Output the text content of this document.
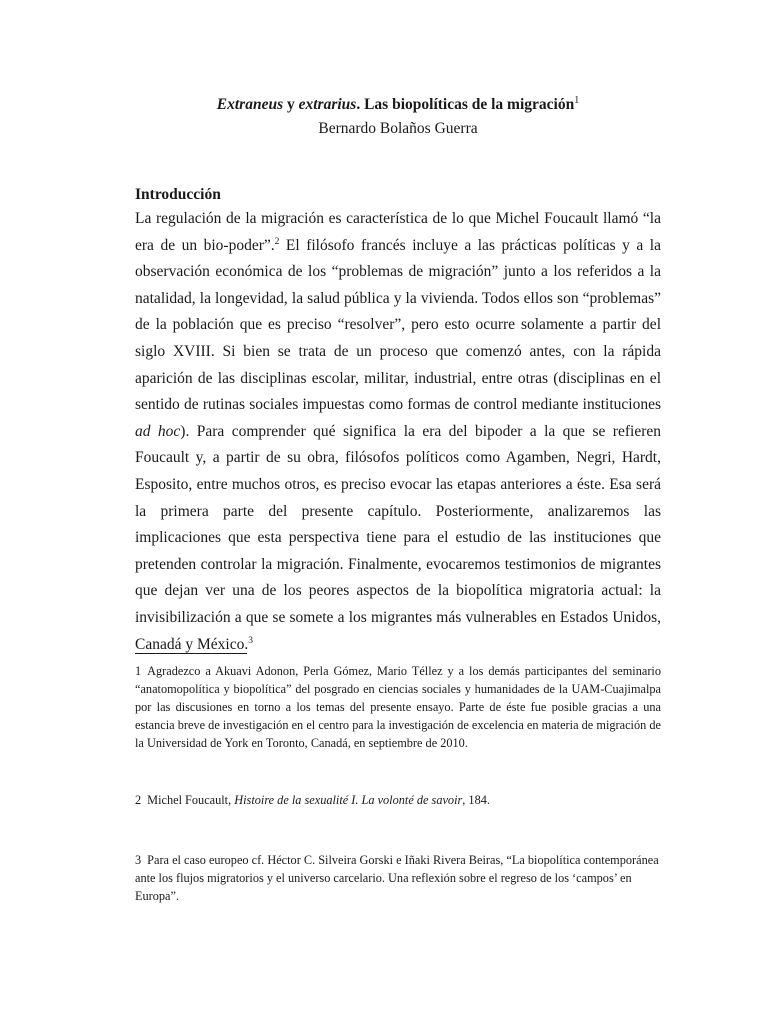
Extraneus y extrarius. Las biopolíticas de la migración$^1$
Bernardo Bolaños Guerra
Introducción
La regulación de la migración es característica de lo que Michel Foucault llamó “la era de un bio-poder”.$^2$ El filósofo francés incluye a las prácticas políticas y a la observación económica de los “problemas de migración” junto a los referidos a la natalidad, la longevidad, la salud pública y la vivienda. Todos ellos son “problemas” de la población que es preciso “resolver”, pero esto ocurre solamente a partir del siglo XVIII. Si bien se trata de un proceso que comenzó antes, con la rápida aparición de las disciplinas escolar, militar, industrial, entre otras (disciplinas en el sentido de rutinas sociales impuestas como formas de control mediante instituciones ad hoc). Para comprender qué significa la era del bipoder a la que se refieren Foucault y, a partir de su obra, filósofos políticos como Agamben, Negri, Hardt, Esposito, entre muchos otros, es preciso evocar las etapas anteriores a éste. Esa será la primera parte del presente capítulo. Posteriormente, analizaremos las implicaciones que esta perspectiva tiene para el estudio de las instituciones que pretenden controlar la migración. Finalmente, evocaremos testimonios de migrantes que dejan ver una de los peores aspectos de la biopolítica migratoria actual: la invisibilización a que se somete a los migrantes más vulnerables en Estados Unidos, Canadá y México.$^3$
1 Agradezco a Akuavi Adonon, Perla Gómez, Mario Téllez y a los demás participantes del seminario “anatomopolítica y biopolítica” del posgrado en ciencias sociales y humanidades de la UAM-Cuajimalpa por las discusiones en torno a los temas del presente ensayo. Parte de éste fue posible gracias a una estancia breve de investigación en el centro para la investigación de excelencia en materia de migración de la Universidad de York en Toronto, Canadá, en septiembre de 2010.
2 Michel Foucault, Histoire de la sexualité I. La volonté de savoir, 184.
3 Para el caso europeo cf. Héctor C. Silveira Gorski e Iñaki Rivera Beiras, “La biopolítica contemporánea ante los flujos migratorios y el universo carcelario. Una reflexión sobre el regreso de los ‘campos’ en Europa”.
